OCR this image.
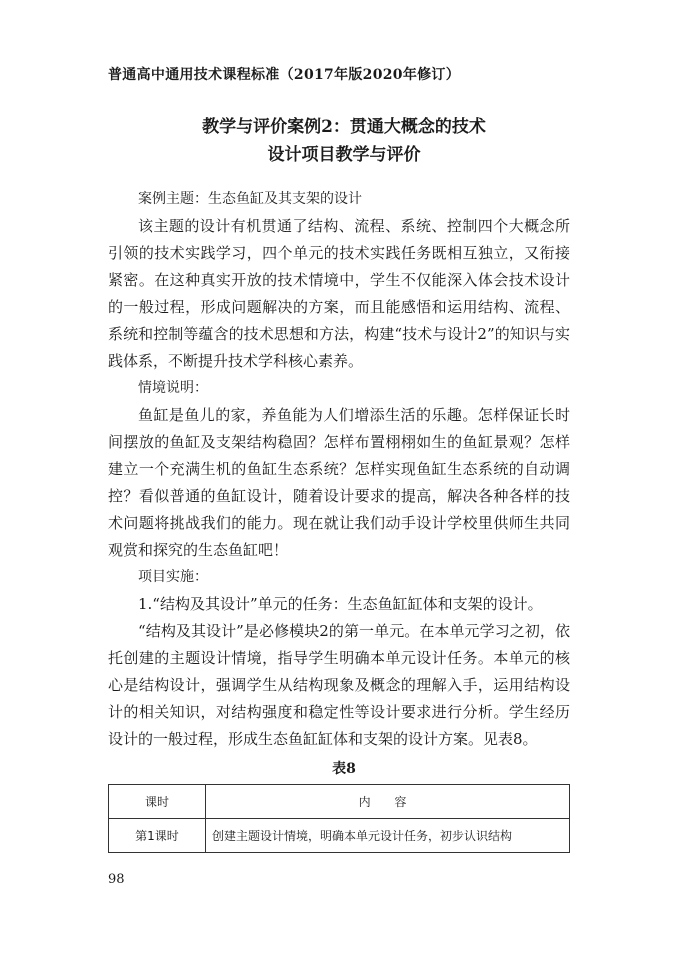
普通高中通用技术课程标准（2017年版2020年修订）
教学与评价案例2：贯通大概念的技术
设计项目教学与评价

案例主题：生态鱼缸及其支架的设计

该主题的设计有机贯通了结构、流程、系统、控制四个大概念所引领的技术实践学习，四个单元的技术实践任务既相互独立，又衔接紧密。在这种真实开放的技术情境中，学生不仅能深入体会技术设计的一般过程，形成问题解决的方案，而且能感悟和运用结构、流程、系统和控制等蕴含的技术思想和方法，构建“技术与设计2”的知识与实践体系，不断提升技术学科核心素养。

情境说明：

鱼缸是鱼儿的家，养鱼能为人们增添生活的乐趣。怎样保证长时间摆放的鱼缸及支架结构稳固？怎样布置栩栩如生的鱼缸景观？怎样建立一个充满生机的鱼缸生态系统？怎样实现鱼缸生态系统的自动调控？看似普通的鱼缸设计，随着设计要求的提高，解决各种各样的技术问题将挑战我们的能力。现在就让我们动手设计学校里供师生共同观赏和探究的生态鱼缸吧！

项目实施：

1.“结构及其设计”单元的任务：生态鱼缸缸体和支架的设计。

“结构及其设计”是必修模块2的第一单元。在本单元学习之初，依托创建的主题设计情境，指导学生明确本单元设计任务。本单元的核心是结构设计，强调学生从结构现象及概念的理解入手，运用结构设计的相关知识，对结构强度和稳定性等设计要求进行分析。学生经历设计的一般过程，形成生态鱼缸缸体和支架的设计方案。见表8。

表8
课时	内 容
第1课时	创建主题设计情境，明确本单元设计任务，初步认识结构
98
